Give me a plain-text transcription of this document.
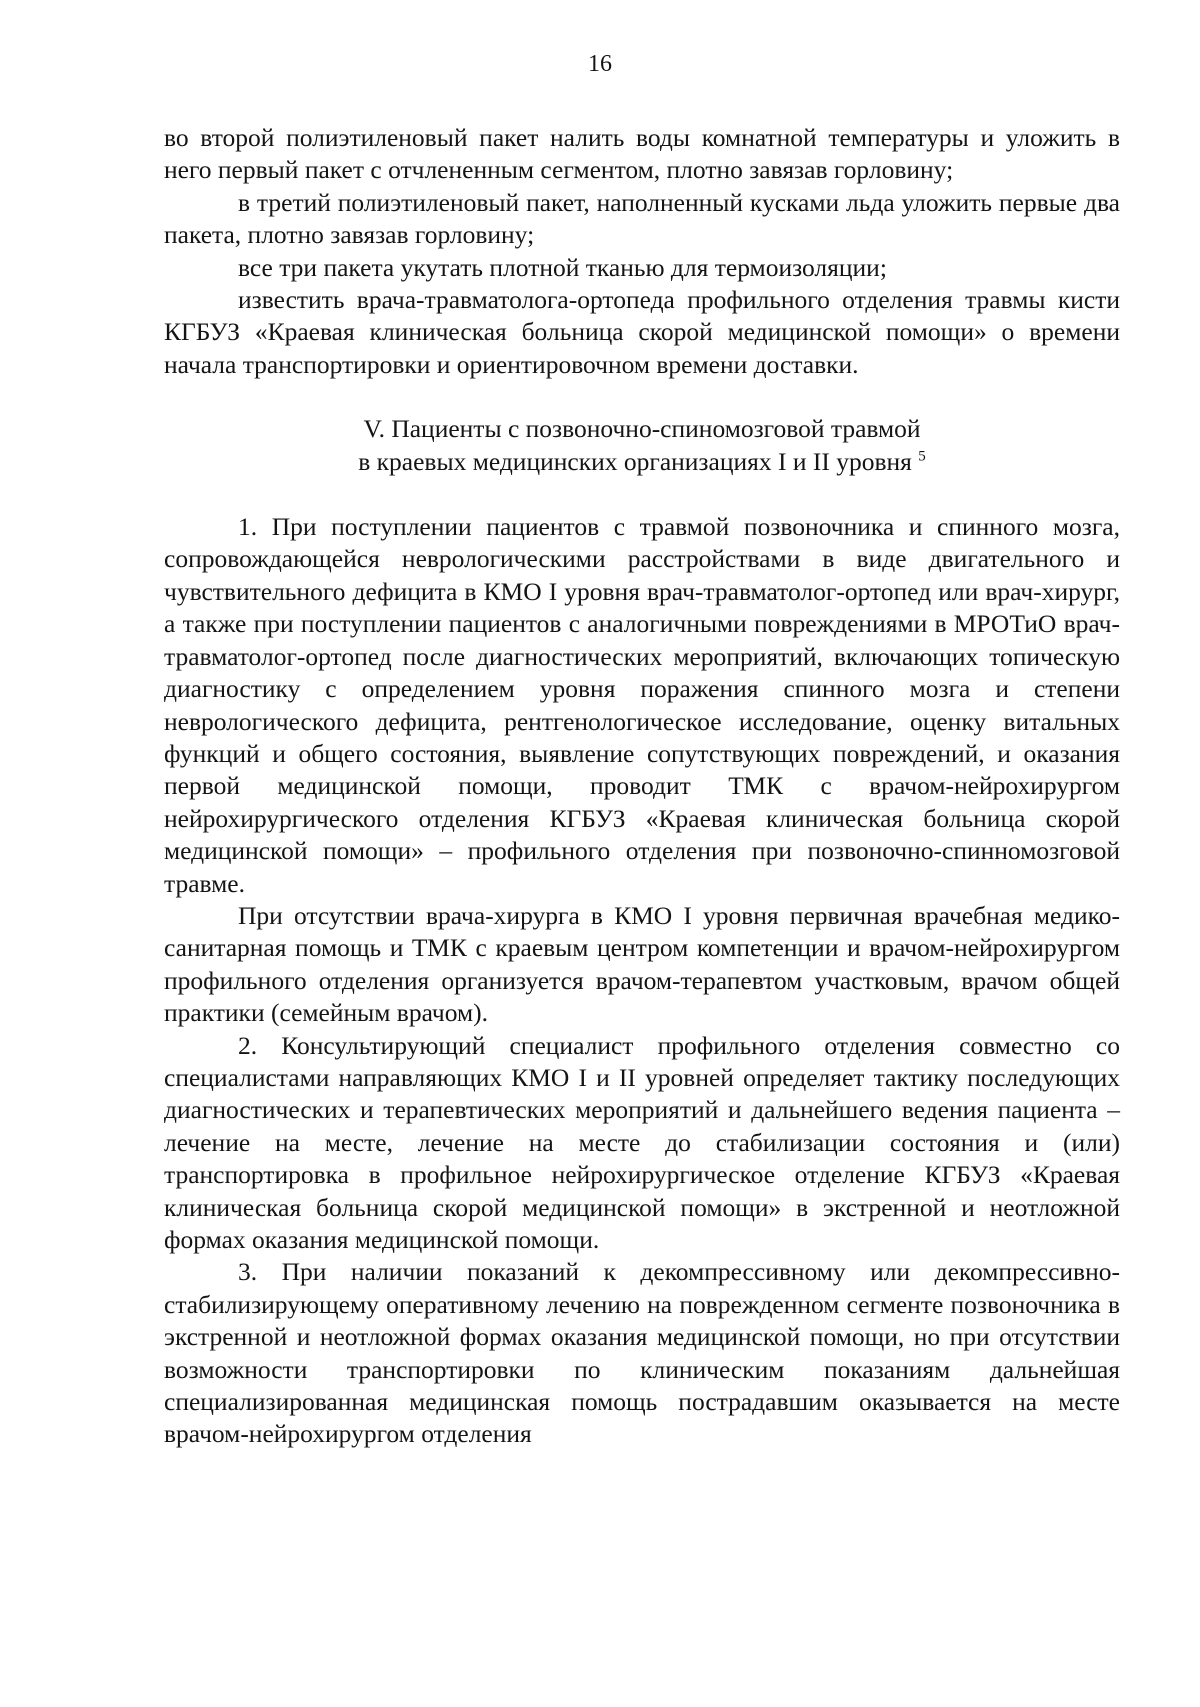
16

во второй полиэтиленовый пакет налить воды комнатной температуры и уложить в него первый пакет с отчлененным сегментом, плотно завязав горловину;

в третий полиэтиленовый пакет, наполненный кусками льда уложить первые два пакета, плотно завязав горловину;

все три пакета укутать плотной тканью для термоизоляции;

известить врача-травматолога-ортопеда профильного отделения травмы кисти КГБУЗ «Краевая клиническая больница скорой медицинской помощи» о времени начала транспортировки и ориентировочном времени доставки.

V. Пациенты с позвоночно-спиномозговой травмой
в краевых медицинских организациях I и II уровня $^5$

1. При поступлении пациентов с травмой позвоночника и спинного мозга, сопровождающейся неврологическими расстройствами в виде двигательного и чувствительного дефицита в КМО I уровня врач-травматолог-ортопед или врач-хирург, а также при поступлении пациентов с аналогичными повреждениями в МРОТиО врач-травматолог-ортопед после диагностических мероприятий, включающих топическую диагностику с определением уровня поражения спинного мозга и степени неврологического дефицита, рентгенологическое исследование, оценку витальных функций и общего состояния, выявление сопутствующих повреждений, и оказания первой медицинской помощи, проводит ТМК с врачом-нейрохирургом нейрохирургического отделения КГБУЗ «Краевая клиническая больница скорой медицинской помощи» – профильного отделения при позвоночно-спинномозговой травме.

При отсутствии врача-хирурга в КМО I уровня первичная врачебная медико-санитарная помощь и ТМК с краевым центром компетенции и врачом-нейрохирургом профильного отделения организуется врачом-терапевтом участковым, врачом общей практики (семейным врачом).

2. Консультирующий специалист профильного отделения совместно со специалистами направляющих КМО I и II уровней определяет тактику последующих диагностических и терапевтических мероприятий и дальнейшего ведения пациента – лечение на месте, лечение на месте до стабилизации состояния и (или) транспортировка в профильное нейрохирургическое отделение КГБУЗ «Краевая клиническая больница скорой медицинской помощи» в экстренной и неотложной формах оказания медицинской помощи.

3. При наличии показаний к декомпрессивному или декомпрессивно-стабилизирующему оперативному лечению на поврежденном сегменте позвоночника в экстренной и неотложной формах оказания медицинской помощи, но при отсутствии возможности транспортировки по клиническим показаниям дальнейшая специализированная медицинская помощь пострадавшим оказывается на месте врачом-нейрохирургом отделения
